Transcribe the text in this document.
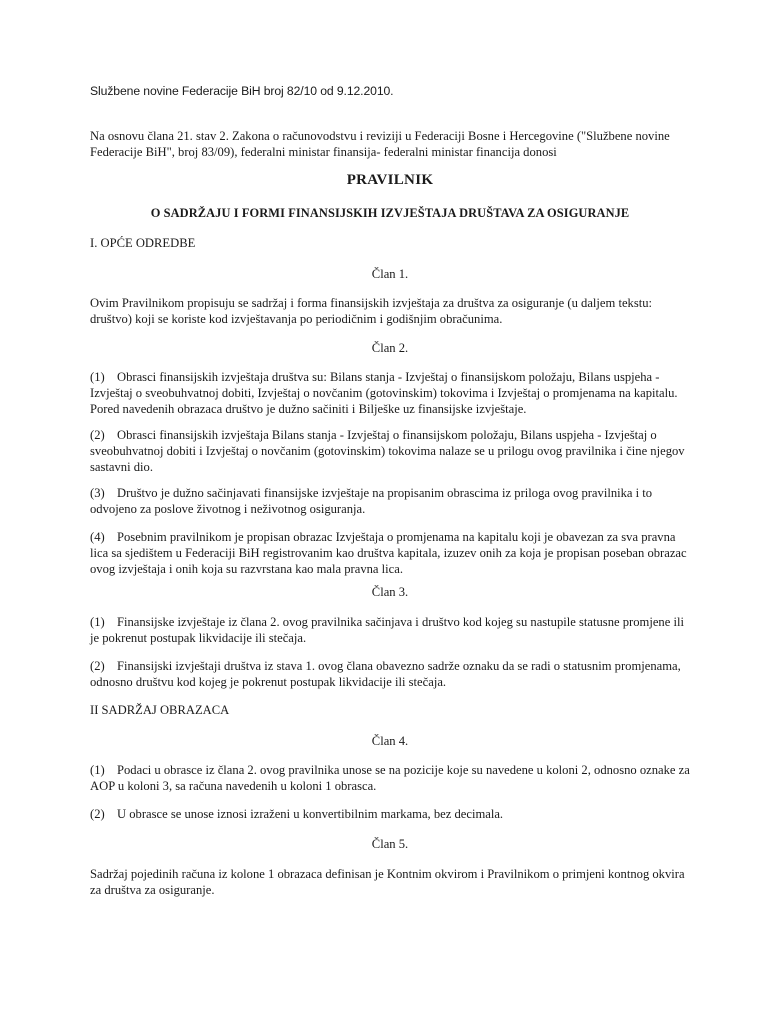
Službene novine Federacije BiH broj 82/10 od 9.12.2010.

Na osnovu člana 21. stav 2. Zakona o računovodstvu i reviziji u Federaciji Bosne i Hercegovine ("Službene novine Federacije BiH", broj 83/09), federalni ministar finansija- federalni ministar financija donosi

PRAVILNIK
O SADRŽAJU I FORMI FINANSIJSKIH IZVJEŠTAJA DRUŠTAVA ZA OSIGURANJE
I. OPĆE ODREDBE
Član 1.

Ovim Pravilnikom propisuju se sadržaj i forma finansijskih izvještaja za društva za osiguranje (u daljem tekstu: društvo) koji se koriste kod izvještavanja po periodičnim i godišnjim obračunima.

Član 2.

(1) Obrasci finansijskih izvještaja društva su: Bilans stanja - Izvještaj o finansijskom položaju, Bilans uspjeha - Izvještaj o sveobuhvatnoj dobiti, Izvještaj o novčanim (gotovinskim) tokovima i Izvještaj o promjenama na kapitalu. Pored navedenih obrazaca društvo je dužno sačiniti i Bilješke uz finansijske izvještaje.

(2) Obrasci finansijskih izvještaja Bilans stanja - Izvještaj o finansijskom položaju, Bilans uspjeha - Izvještaj o sveobuhvatnoj dobiti i Izvještaj o novčanim (gotovinskim) tokovima nalaze se u prilogu ovog pravilnika i čine njegov sastavni dio.

(3) Društvo je dužno sačinjavati finansijske izvještaje na propisanim obrascima iz priloga ovog pravilnika i to odvojeno za poslove životnog i neživotnog osiguranja.

(4) Posebnim pravilnikom je propisan obrazac Izvještaja o promjenama na kapitalu koji je obavezan za sva pravna lica sa sjedištem u Federaciji BiH registrovanim kao društva kapitala, izuzev onih za koja je propisan poseban obrazac ovog izvještaja i onih koja su razvrstana kao mala pravna lica.

Član 3.

(1) Finansijske izvještaje iz člana 2. ovog pravilnika sačinjava i društvo kod kojeg su nastupile statusne promjene ili je pokrenut postupak likvidacije ili stečaja.

(2) Finansijski izvještaji društva iz stava 1. ovog člana obavezno sadrže oznaku da se radi o statusnim promjenama, odnosno društvu kod kojeg je pokrenut postupak likvidacije ili stečaja.

II SADRŽAJ OBRAZACA
Član 4.

(1) Podaci u obrasce iz člana 2. ovog pravilnika unose se na pozicije koje su navedene u koloni 2, odnosno oznake za AOP u koloni 3, sa računa navedenih u koloni 1 obrasca.

(2) U obrasce se unose iznosi izraženi u konvertibilnim markama, bez decimala.

Član 5.

Sadržaj pojedinih računa iz kolone 1 obrazaca definisan je Kontnim okvirom i Pravilnikom o primjeni kontnog okvira za društva za osiguranje.
